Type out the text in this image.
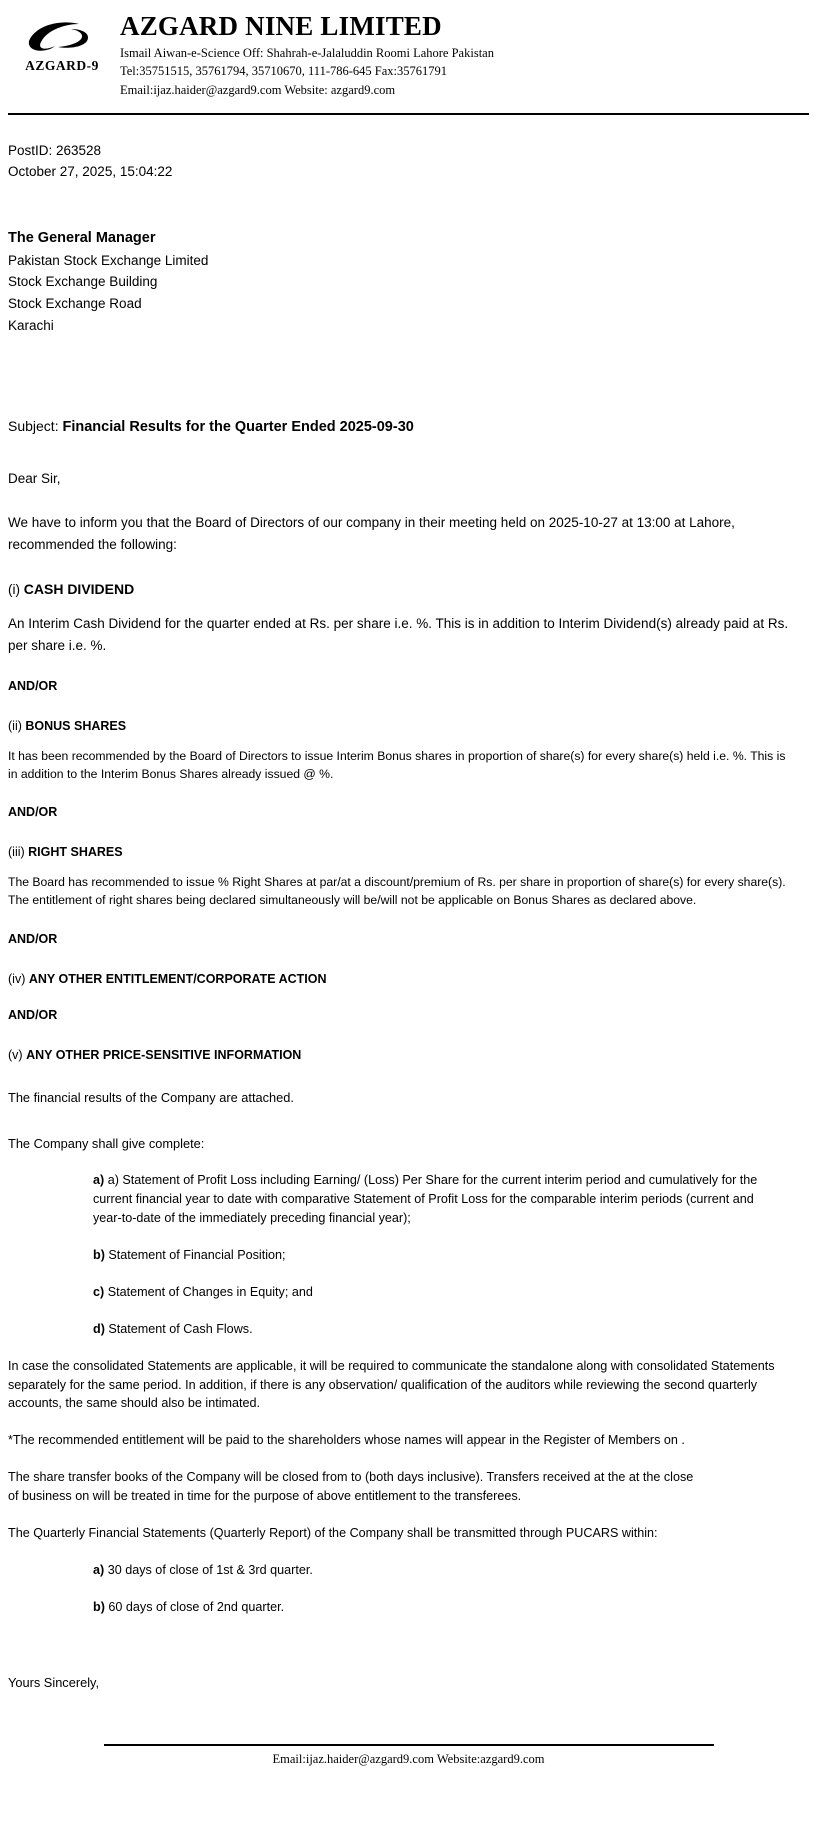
AZGARD-9
AZGARD NINE LIMITED
Ismail Aiwan-e-Science Off: Shahrah-e-Jalaluddin Roomi Lahore Pakistan
Tel:35751515, 35761794, 35710670, 111-786-645 Fax:35761791
Email:ijaz.haider@azgard9.com Website: azgard9.com
PostID: 263528
October 27, 2025, 15:04:22
The General Manager
Pakistan Stock Exchange Limited
Stock Exchange Building
Stock Exchange Road
Karachi
Subject: Financial Results for the Quarter Ended 2025-09-30
Dear Sir,
We have to inform you that the Board of Directors of our company in their meeting held on 2025-10-27 at 13:00 at Lahore, recommended the following:
(i) CASH DIVIDEND
An Interim Cash Dividend for the quarter ended at Rs. per share i.e. %. This is in addition to Interim Dividend(s) already paid at Rs. per share i.e. %.
AND/OR
(ii) BONUS SHARES
It has been recommended by the Board of Directors to issue Interim Bonus shares in proportion of share(s) for every share(s) held i.e. %. This is in addition to the Interim Bonus Shares already issued @ %.
AND/OR
(iii) RIGHT SHARES
The Board has recommended to issue % Right Shares at par/at a discount/premium of Rs. per share in proportion of share(s) for every share(s). The entitlement of right shares being declared simultaneously will be/will not be applicable on Bonus Shares as declared above.
AND/OR
(iv) ANY OTHER ENTITLEMENT/CORPORATE ACTION
AND/OR
(v) ANY OTHER PRICE-SENSITIVE INFORMATION
The financial results of the Company are attached.
The Company shall give complete:
a) a) Statement of Profit Loss including Earning/ (Loss) Per Share for the current interim period and cumulatively for the current financial year to date with comparative Statement of Profit Loss for the comparable interim periods (current and year-to-date of the immediately preceding financial year);
b) Statement of Financial Position;
c) Statement of Changes in Equity; and
d) Statement of Cash Flows.
In case the consolidated Statements are applicable, it will be required to communicate the standalone along with consolidated Statements separately for the same period. In addition, if there is any observation/ qualification of the auditors while reviewing the second quarterly accounts, the same should also be intimated.
*The recommended entitlement will be paid to the shareholders whose names will appear in the Register of Members on .
The share transfer books of the Company will be closed from to (both days inclusive). Transfers received at the at the close
of business on will be treated in time for the purpose of above entitlement to the transferees.
The Quarterly Financial Statements (Quarterly Report) of the Company shall be transmitted through PUCARS within:
a) 30 days of close of 1st & 3rd quarter.
b) 60 days of close of 2nd quarter.
Yours Sincerely,
Email:ijaz.haider@azgard9.com Website:azgard9.com
